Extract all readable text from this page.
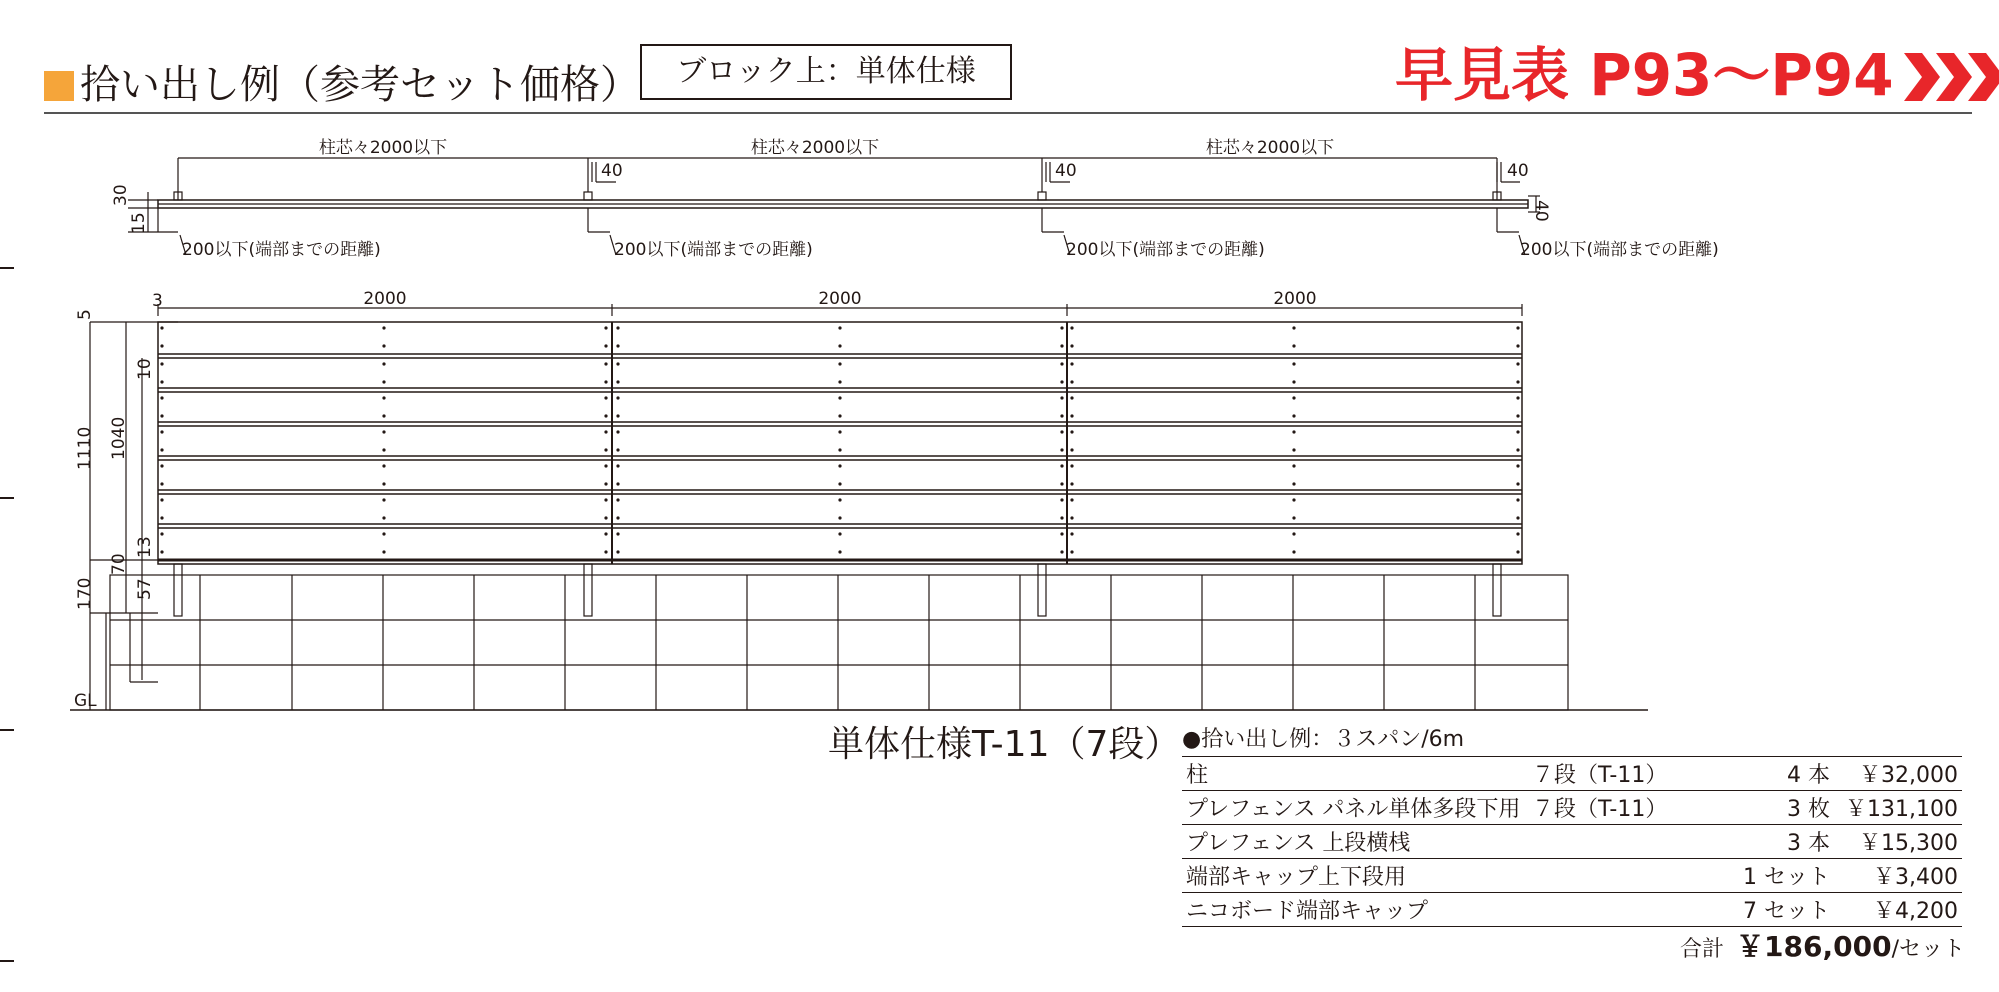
拾い出し例（参考セット価格）	ブロック上：単体仕様	早見表 P93〜P94
柱芯々2000以下	柱芯々2000以下	柱芯々2000以下
40	40	40
200以下(端部までの距離)	200以下(端部までの距離)	200以下(端部までの距離)	200以下(端部までの距離)
30
15
40
3	2000	2000	2000
5
1110 1040
10
70
13
170 57
GL
単体仕様T-11（7段） ●拾い出し例：３スパン/6m
柱	７段（T-11）	4 本	￥32,000
プレフェンス パネル単体多段下用	７段（T-11）	3 枚	￥131,100
プレフェンス 上段横桟		3 本	￥15,300
端部キャップ上下段用		1 セット	￥3,400
ニコボード端部キャップ		7 セット	￥4,200
合計 ￥186,000/セット
